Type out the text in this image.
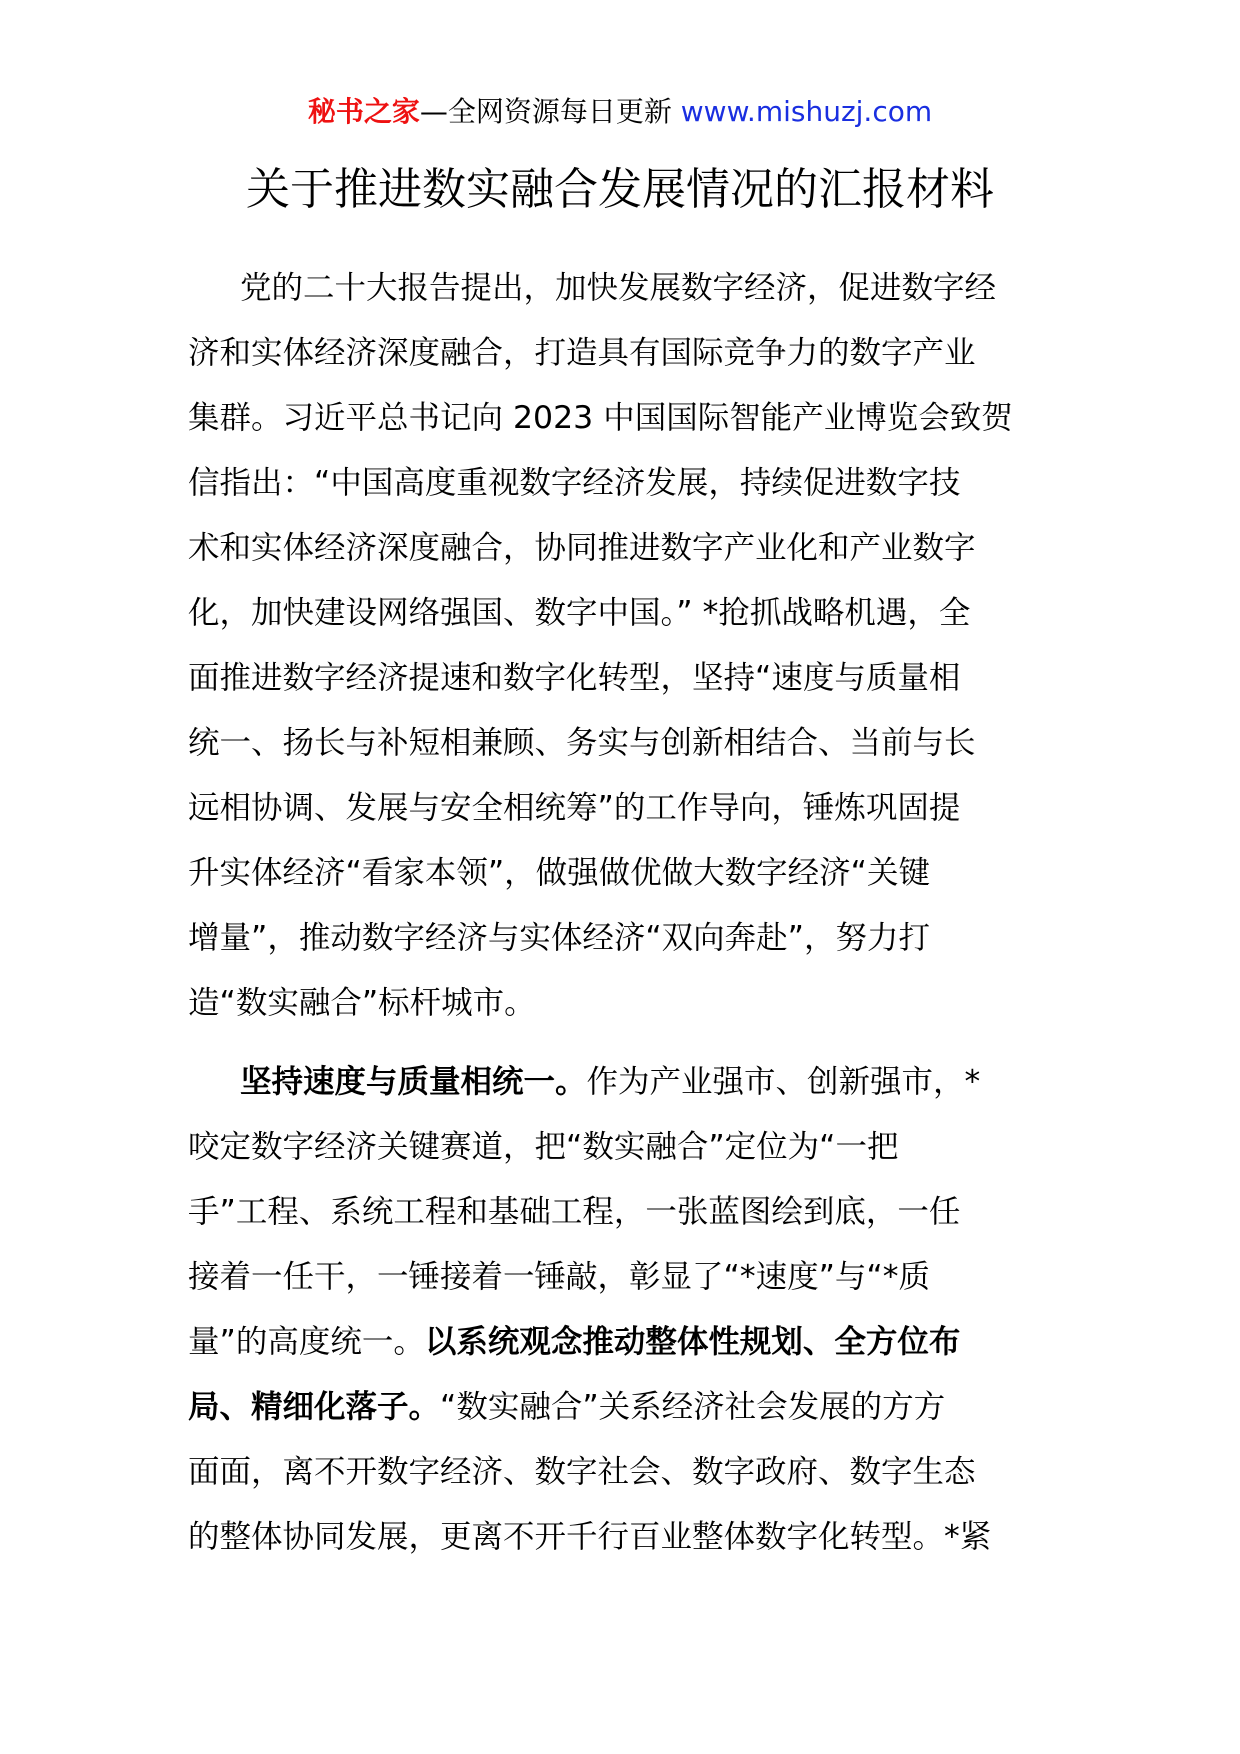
秘书之家—全网资源每日更新 www.mishuzj.com
关于推进数实融合发展情况的汇报材料
党的二十大报告提出，加快发展数字经济，促进数字经
济和实体经济深度融合，打造具有国际竞争力的数字产业
集群。习近平总书记向 2023 中国国际智能产业博览会致贺
信指出：“中国高度重视数字经济发展，持续促进数字技
术和实体经济深度融合，协同推进数字产业化和产业数字
化，加快建设网络强国、数字中国。” *抢抓战略机遇，全
面推进数字经济提速和数字化转型，坚持“速度与质量相
统一、扬长与补短相兼顾、务实与创新相结合、当前与长
远相协调、发展与安全相统筹”的工作导向，锤炼巩固提
升实体经济“看家本领”，做强做优做大数字经济“关键
增量”，推动数字经济与实体经济“双向奔赴”，努力打
造“数实融合”标杆城市。
坚持速度与质量相统一。作为产业强市、创新强市，*
咬定数字经济关键赛道，把“数实融合”定位为“一把
手”工程、系统工程和基础工程，一张蓝图绘到底，一任
接着一任干，一锤接着一锤敲，彰显了“*速度”与“*质
量”的高度统一。以系统观念推动整体性规划、全方位布
局、精细化落子。“数实融合”关系经济社会发展的方方
面面，离不开数字经济、数字社会、数字政府、数字生态
的整体协同发展，更离不开千行百业整体数字化转型。*紧
